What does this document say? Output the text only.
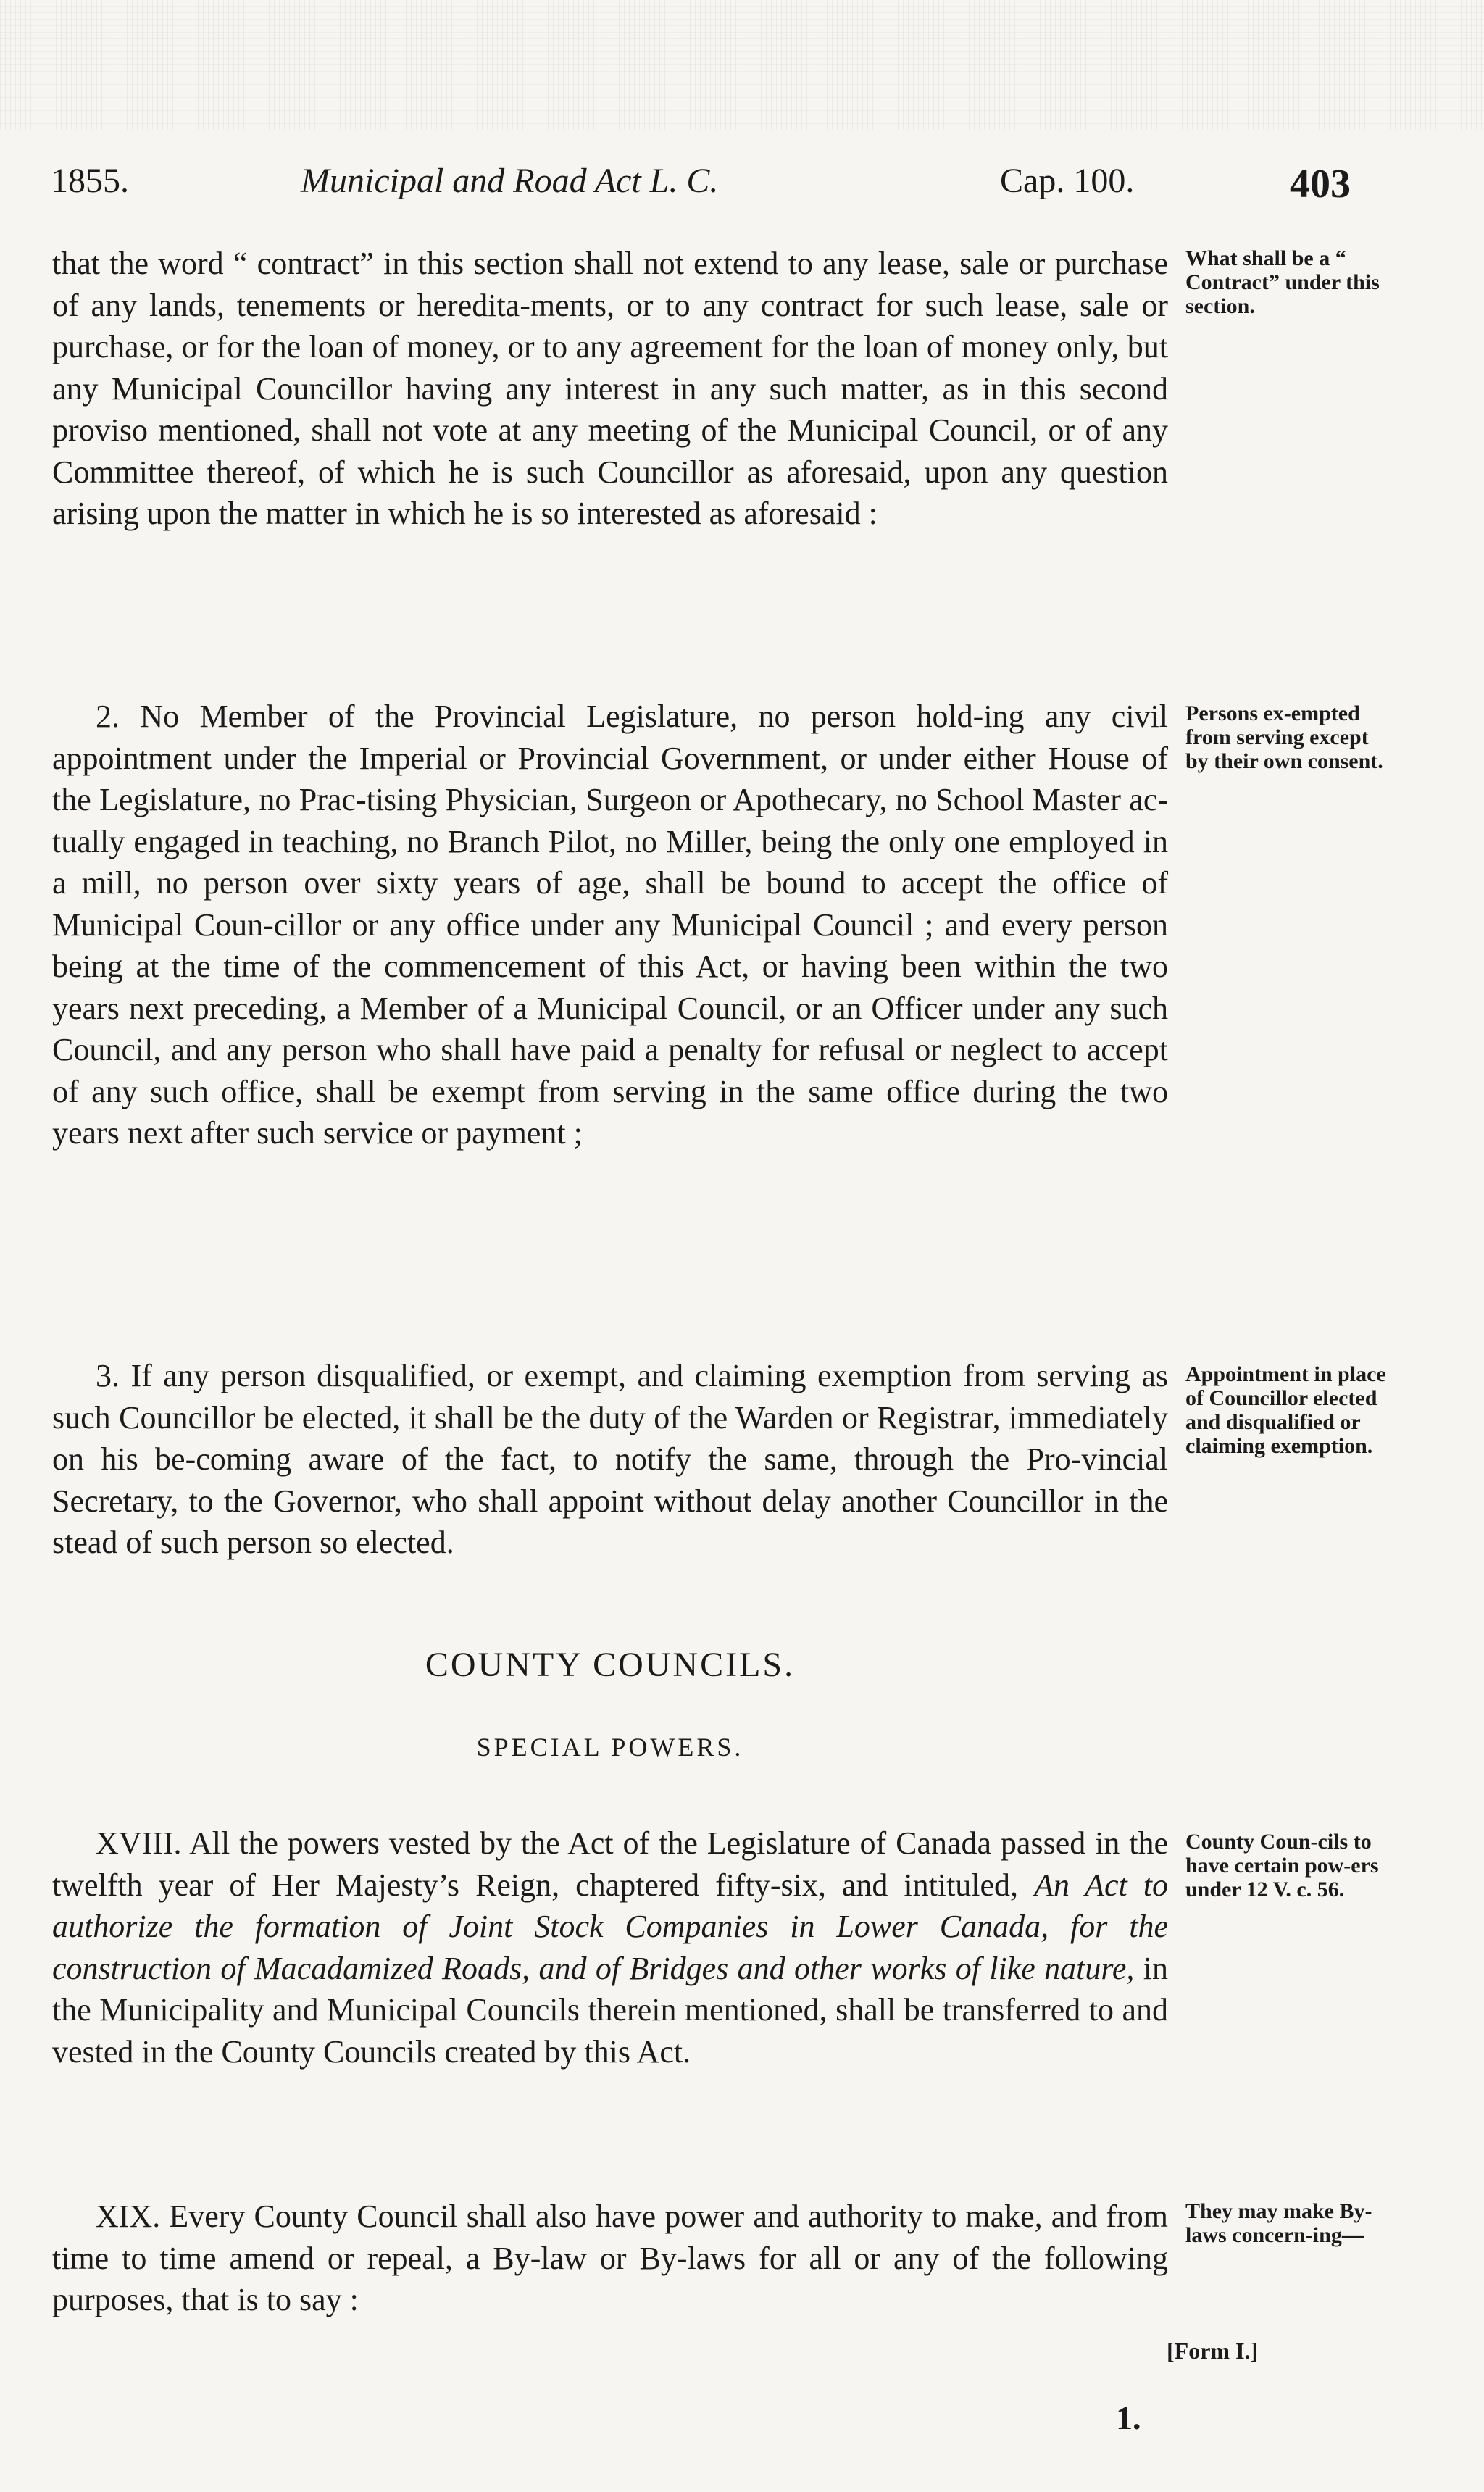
1855.	Municipal and Road Act L. C.	Cap. 100.	403

that the word “ contract” in this section shall not extend to any lease, sale or purchase of any lands, tenements or heredita-ments, or to any contract for such lease, sale or purchase, or for the loan of money, or to any agreement for the loan of money only, but any Municipal Councillor having any interest in any such matter, as in this second proviso mentioned, shall not vote at any meeting of the Municipal Council, or of any Committee thereof, of which he is such Councillor as aforesaid, upon any question arising upon the matter in which he is so interested as aforesaid :

2. No Member of the Provincial Legislature, no person hold-ing any civil appointment under the Imperial or Provincial Government, or under either House of the Legislature, no Prac-tising Physician, Surgeon or Apothecary, no School Master ac-tually engaged in teaching, no Branch Pilot, no Miller, being the only one employed in a mill, no person over sixty years of age, shall be bound to accept the office of Municipal Coun-cillor or any office under any Municipal Council ; and every person being at the time of the commencement of this Act, or having been within the two years next preceding, a Member of a Municipal Council, or an Officer under any such Council, and any person who shall have paid a penalty for refusal or neglect to accept of any such office, shall be exempt from serving in the same office during the two years next after such service or payment ;

3. If any person disqualified, or exempt, and claiming exemption from serving as such Councillor be elected, it shall be the duty of the Warden or Registrar, immediately on his be-coming aware of the fact, to notify the same, through the Pro-vincial Secretary, to the Governor, who shall appoint without delay another Councillor in the stead of such person so elected.

COUNTY COUNCILS.

SPECIAL POWERS.

XVIII. All the powers vested by the Act of the Legislature of Canada passed in the twelfth year of Her Majesty’s Reign, chaptered fifty-six, and intituled, An Act to authorize the formation of Joint Stock Companies in Lower Canada, for the construction of Macadamized Roads, and of Bridges and other works of like nature, in the Municipality and Municipal Councils therein mentioned, shall be transferred to and vested in the County Councils created by this Act.

XIX. Every County Council shall also have power and authority to make, and from time to time amend or repeal, a By-law or By-laws for all or any of the following purposes, that is to say :

What shall be a “ Contract” under this section.

Persons ex-empted from serving except by their own consent.

Appointment in place of Councillor elected and disqualified or claiming exemption.

County Coun-cils to have certain pow-ers under 12 V. c. 56.

They may make By-laws concern-ing—

[Form I.]

1.
